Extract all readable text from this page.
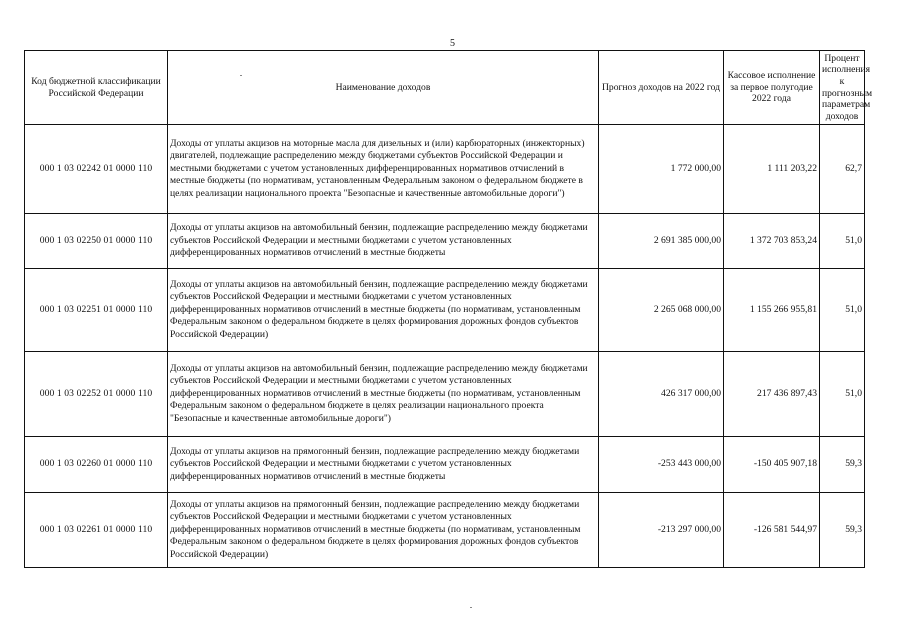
5
Код бюджетной классификации Российской Федерации	Наименование доходов	Прогноз доходов на 2022 год	Кассовое исполнение за первое полугодие 2022 года	Процент исполнения к прогнозным параметрам доходов
000 1 03 02242 01 0000 110	Доходы от уплаты акцизов на моторные масла для дизельных и (или) карбюраторных (инжекторных) двигателей, подлежащие распределению между бюджетами субъектов Российской Федерации и местными бюджетами с учетом установленных дифференцированных нормативов отчислений в местные бюджеты (по нормативам, установленным Федеральным законом о федеральном бюджете в целях реализации национального проекта "Безопасные и качественные автомобильные дороги")	1 772 000,00	1 111 203,22	62,7
000 1 03 02250 01 0000 110	Доходы от уплаты акцизов на автомобильный бензин, подлежащие распределению между бюджетами субъектов Российской Федерации и местными бюджетами с учетом установленных дифференцированных нормативов отчислений в местные бюджеты	2 691 385 000,00	1 372 703 853,24	51,0
000 1 03 02251 01 0000 110	Доходы от уплаты акцизов на автомобильный бензин, подлежащие распределению между бюджетами субъектов Российской Федерации и местными бюджетами с учетом установленных дифференцированных нормативов отчислений в местные бюджеты (по нормативам, установленным Федеральным законом о федеральном бюджете в целях формирования дорожных фондов субъектов Российской Федерации)	2 265 068 000,00	1 155 266 955,81	51,0
000 1 03 02252 01 0000 110	Доходы от уплаты акцизов на автомобильный бензин, подлежащие распределению между бюджетами субъектов Российской Федерации и местными бюджетами с учетом установленных дифференцированных нормативов отчислений в местные бюджеты (по нормативам, установленным Федеральным законом о федеральном бюджете в целях реализации национального проекта "Безопасные и качественные автомобильные дороги")	426 317 000,00	217 436 897,43	51,0
000 1 03 02260 01 0000 110	Доходы от уплаты акцизов на прямогонный бензин, подлежащие распределению между бюджетами субъектов Российской Федерации и местными бюджетами с учетом установленных дифференцированных нормативов отчислений в местные бюджеты	-253 443 000,00	-150 405 907,18	59,3
000 1 03 02261 01 0000 110	Доходы от уплаты акцизов на прямогонный бензин, подлежащие распределению между бюджетами субъектов Российской Федерации и местными бюджетами с учетом установленных дифференцированных нормативов отчислений в местные бюджеты (по нормативам, установленным Федеральным законом о федеральном бюджете в целях формирования дорожных фондов субъектов Российской Федерации)	-213 297 000,00	-126 581 544,97	59,3
